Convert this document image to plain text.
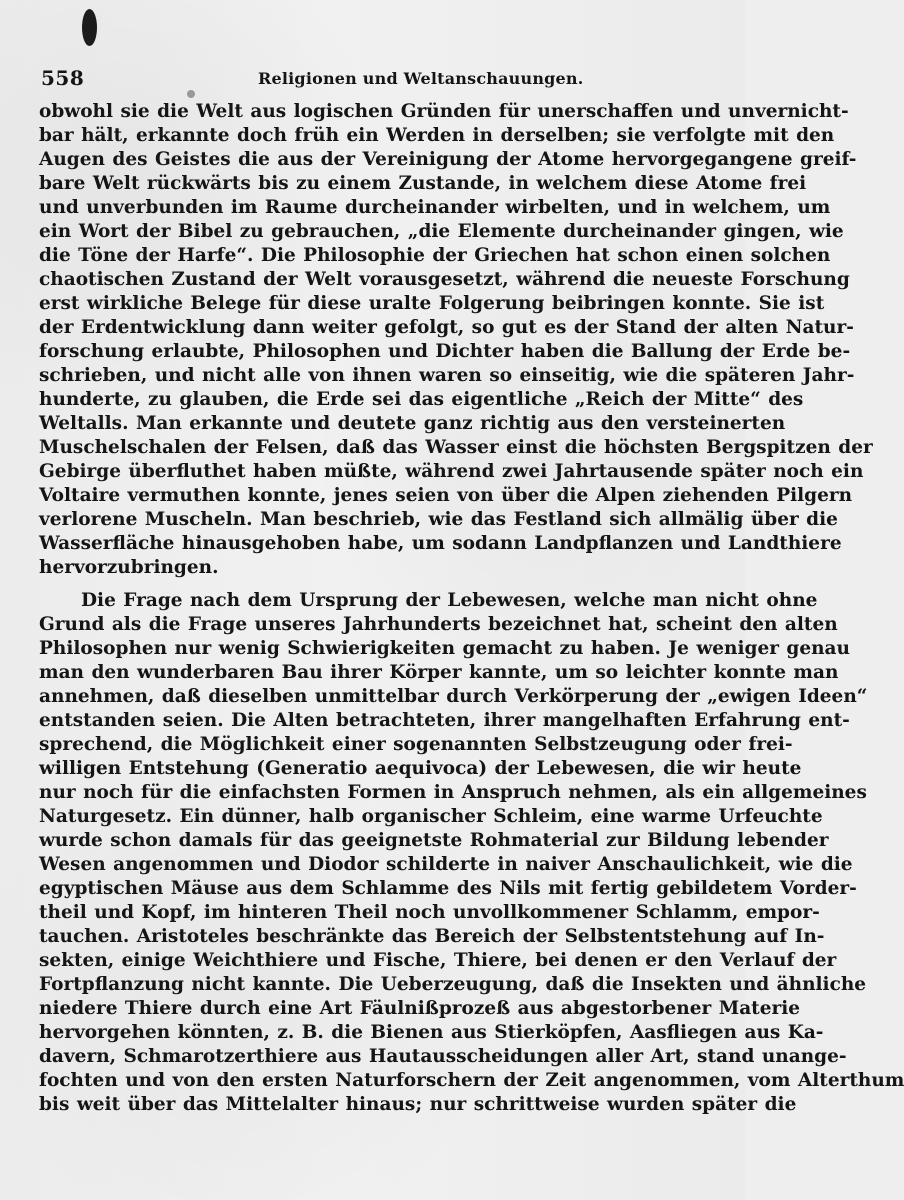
558	Religionen und Weltanschauungen.
obwohl sie die Welt aus logischen Gründen für unerschaffen und unvernicht-
bar hält, erkannte doch früh ein Werden in derselben; sie verfolgte mit den
Augen des Geistes die aus der Vereinigung der Atome hervorgegangene greif-
bare Welt rückwärts bis zu einem Zustande, in welchem diese Atome frei
und unverbunden im Raume durcheinander wirbelten, und in welchem, um
ein Wort der Bibel zu gebrauchen, „die Elemente durcheinander gingen, wie
die Töne der Harfe“. Die Philosophie der Griechen hat schon einen solchen
chaotischen Zustand der Welt vorausgesetzt, während die neueste Forschung
erst wirkliche Belege für diese uralte Folgerung beibringen konnte. Sie ist
der Erdentwicklung dann weiter gefolgt, so gut es der Stand der alten Natur-
forschung erlaubte, Philosophen und Dichter haben die Ballung der Erde be-
schrieben, und nicht alle von ihnen waren so einseitig, wie die späteren Jahr-
hunderte, zu glauben, die Erde sei das eigentliche „Reich der Mitte“ des
Weltalls. Man erkannte und deutete ganz richtig aus den versteinerten
Muschelschalen der Felsen, daß das Wasser einst die höchsten Bergspitzen der
Gebirge überfluthet haben müßte, während zwei Jahrtausende später noch ein
Voltaire vermuthen konnte, jenes seien von über die Alpen ziehenden Pilgern
verlorene Muscheln. Man beschrieb, wie das Festland sich allmälig über die
Wasserfläche hinausgehoben habe, um sodann Landpflanzen und Landthiere
hervorzubringen.
Die Frage nach dem Ursprung der Lebewesen, welche man nicht ohne
Grund als die Frage unseres Jahrhunderts bezeichnet hat, scheint den alten
Philosophen nur wenig Schwierigkeiten gemacht zu haben. Je weniger genau
man den wunderbaren Bau ihrer Körper kannte, um so leichter konnte man
annehmen, daß dieselben unmittelbar durch Verkörperung der „ewigen Ideen“
entstanden seien. Die Alten betrachteten, ihrer mangelhaften Erfahrung ent-
sprechend, die Möglichkeit einer sogenannten Selbstzeugung oder frei-
willigen Entstehung (Generatio aequivoca) der Lebewesen, die wir heute
nur noch für die einfachsten Formen in Anspruch nehmen, als ein allgemeines
Naturgesetz. Ein dünner, halb organischer Schleim, eine warme Urfeuchte
wurde schon damals für das geeignetste Rohmaterial zur Bildung lebender
Wesen angenommen und Diodor schilderte in naiver Anschaulichkeit, wie die
egyptischen Mäuse aus dem Schlamme des Nils mit fertig gebildetem Vorder-
theil und Kopf, im hinteren Theil noch unvollkommener Schlamm, empor-
tauchen. Aristoteles beschränkte das Bereich der Selbstentstehung auf In-
sekten, einige Weichthiere und Fische, Thiere, bei denen er den Verlauf der
Fortpflanzung nicht kannte. Die Ueberzeugung, daß die Insekten und ähnliche
niedere Thiere durch eine Art Fäulnißprozeß aus abgestorbener Materie
hervorgehen könnten, z. B. die Bienen aus Stierköpfen, Aasfliegen aus Ka-
davern, Schmarotzerthiere aus Hautausscheidungen aller Art, stand unange-
fochten und von den ersten Naturforschern der Zeit angenommen, vom Alterthum
bis weit über das Mittelalter hinaus; nur schrittweise wurden später die
